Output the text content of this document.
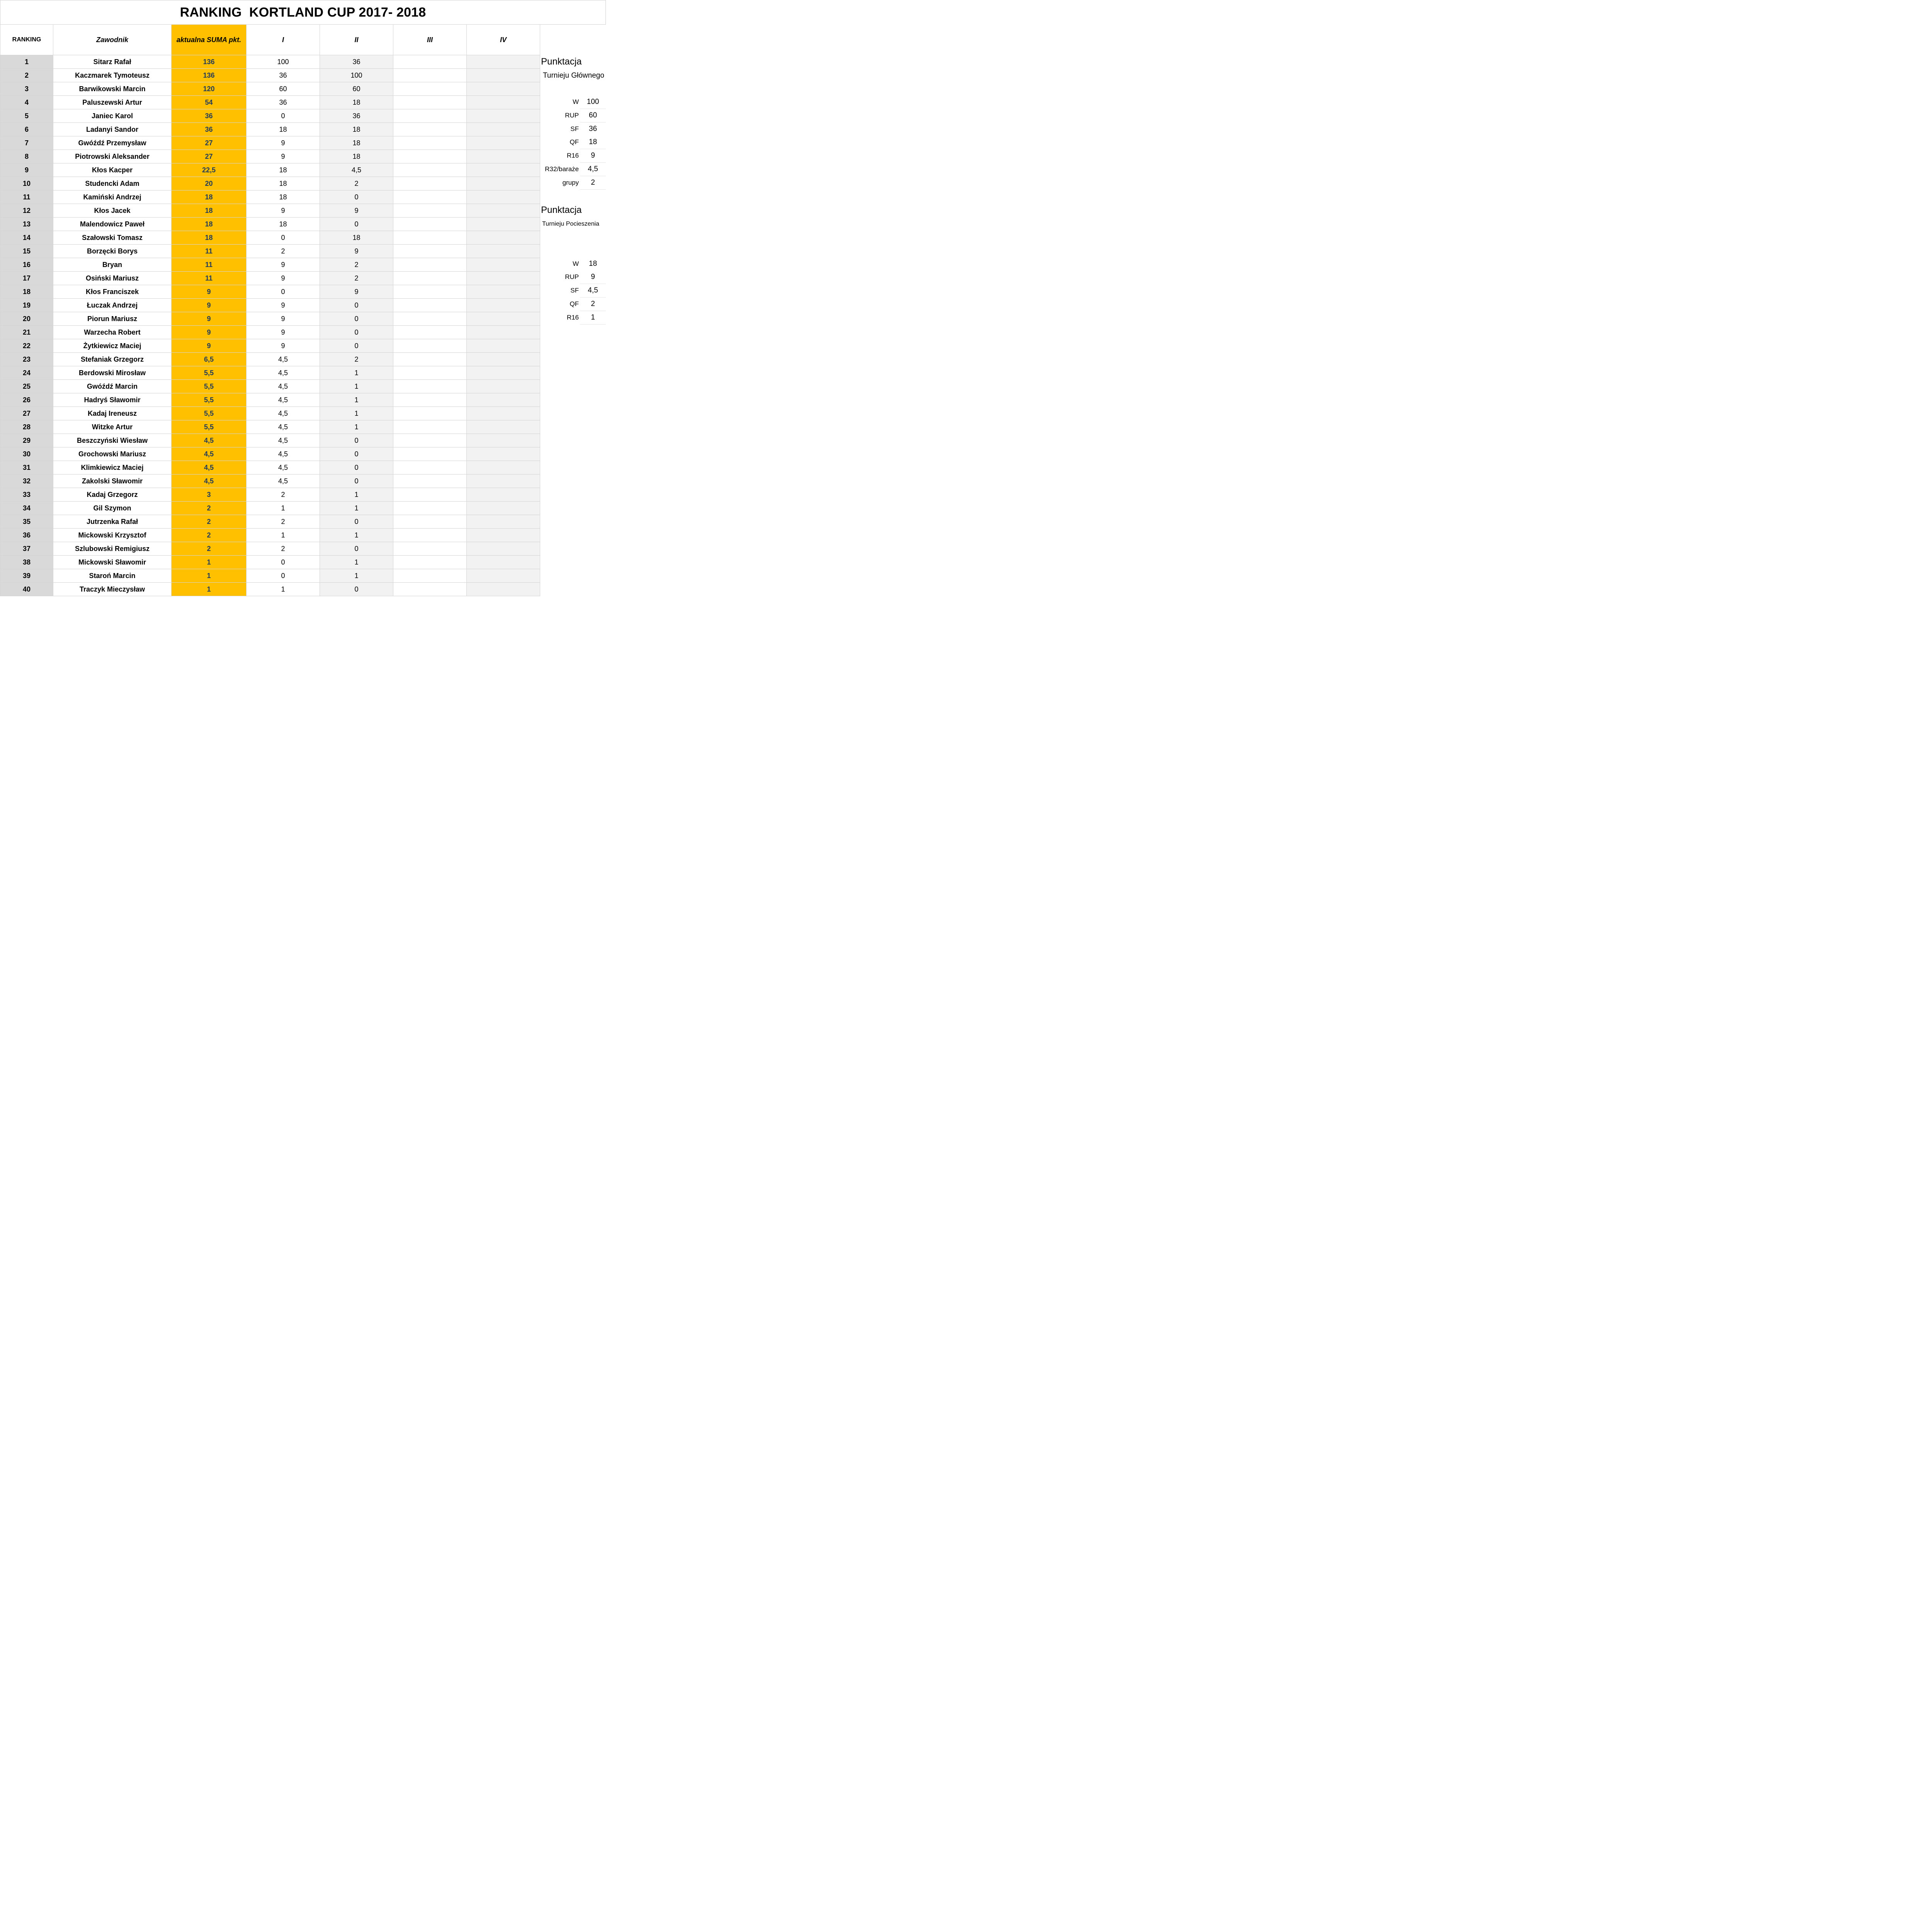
RANKING  KORTLAND CUP 2017- 2018
RANKING	Zawodnik	aktualna SUMA pkt.	I	II	III	IV
1	Sitarz Rafał	136	100	36		
2	Kaczmarek Tymoteusz	136	36	100		
3	Barwikowski Marcin	120	60	60		
4	Paluszewski Artur	54	36	18		
5	Janiec Karol	36	0	36		
6	Ladanyi Sandor	36	18	18		
7	Gwóźdź Przemysław	27	9	18		
8	Piotrowski Aleksander	27	9	18		
9	Kłos Kacper	22,5	18	4,5		
10	Studencki Adam	20	18	2		
11	Kamiński Andrzej	18	18	0		
12	Kłos Jacek	18	9	9		
13	Malendowicz Paweł	18	18	0		
14	Szałowski Tomasz	18	0	18		
15	Borzęcki Borys	11	2	9		
16	Bryan	11	9	2		
17	Osiński Mariusz	11	9	2		
18	Kłos Franciszek	9	0	9		
19	Łuczak Andrzej	9	9	0		
20	Piorun Mariusz	9	9	0		
21	Warzecha Robert	9	9	0		
22	Żytkiewicz Maciej	9	9	0		
23	Stefaniak Grzegorz	6,5	4,5	2		
24	Berdowski Mirosław	5,5	4,5	1		
25	Gwóźdź Marcin	5,5	4,5	1		
26	Hadryś Sławomir	5,5	4,5	1		
27	Kadaj Ireneusz	5,5	4,5	1		
28	Witzke Artur	5,5	4,5	1		
29	Beszczyński Wiesław	4,5	4,5	0		
30	Grochowski Mariusz	4,5	4,5	0		
31	Klimkiewicz Maciej	4,5	4,5	0		
32	Zakolski Sławomir	4,5	4,5	0		
33	Kadaj Grzegorz	3	2	1		
34	Gil Szymon	2	1	1		
35	Jutrzenka Rafał	2	2	0		
36	Mickowski Krzysztof	2	1	1		
37	Szlubowski Remigiusz	2	2	0		
38	Mickowski Sławomir	1	0	1		
39	Staroń Marcin	1	0	1		
40	Traczyk Mieczysław	1	1	0		
Punktacja
Turnieju Głównego
W	100
RUP	60
SF	36
QF	18
R16	9
R32/baraże	4,5
grupy	2
Punktacja
Turnieju Pocieszenia
W	18
RUP	9
SF	4,5
QF	2
R16	1
